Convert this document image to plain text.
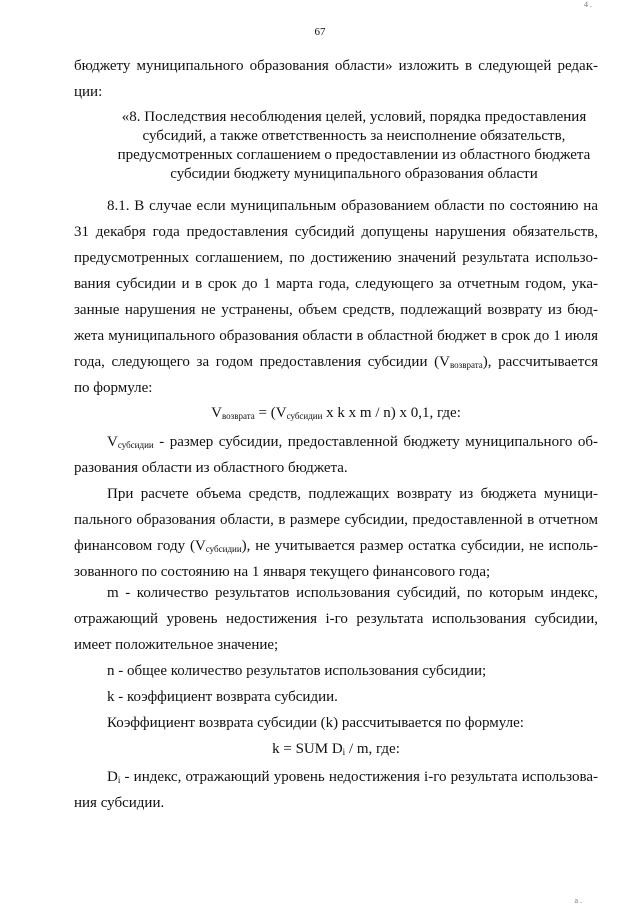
67
4 .
a .
бюджету муниципального образования области» изложить в следующей редак-
ции:
«8. Последствия несоблюдения целей, условий, порядка предоставления
субсидий, а также ответственность за неисполнение обязательств,
предусмотренных соглашением о предоставлении из областного бюджета
субсидии бюджету муниципального образования области
8.1. В случае если муниципальным образованием области по состоянию на
31 декабря года предоставления субсидий допущены нарушения обязательств,
предусмотренных соглашением, по достижению значений результата использо-
вания субсидии и в срок до 1 марта года, следующего за отчетным годом, ука-
занные нарушения не устранены, объем средств, подлежащий возврату из бюд-
жета муниципального образования области в областной бюджет в срок до 1 июля
года, следующего за годом предоставления субсидии $(V_{возврата})$, рассчитывается
по формуле:
$V_{возврата} = (V_{субсидии}$ x k x m / n) x 0,1, где:
$V_{субсидии}$ - размер субсидии, предоставленной бюджету муниципального об-
разования области из областного бюджета.
При расчете объема средств, подлежащих возврату из бюджета муници-
пального образования области, в размере субсидии, предоставленной в отчетном
финансовом году $(V_{субсидии})$, не учитывается размер остатка субсидии, не исполь-
зованного по состоянию на 1 января текущего финансового года;
m - количество результатов использования субсидий, по которым индекс,
отражающий уровень недостижения i-го результата использования субсидии,
имеет положительное значение;
n - общее количество результатов использования субсидии;
k - коэффициент возврата субсидии.
Коэффициент возврата субсидии (k) рассчитывается по формуле:
k = SUM $D_i$ / m, где:
$D_i$ - индекс, отражающий уровень недостижения i-го результата использова-
ния субсидии.
